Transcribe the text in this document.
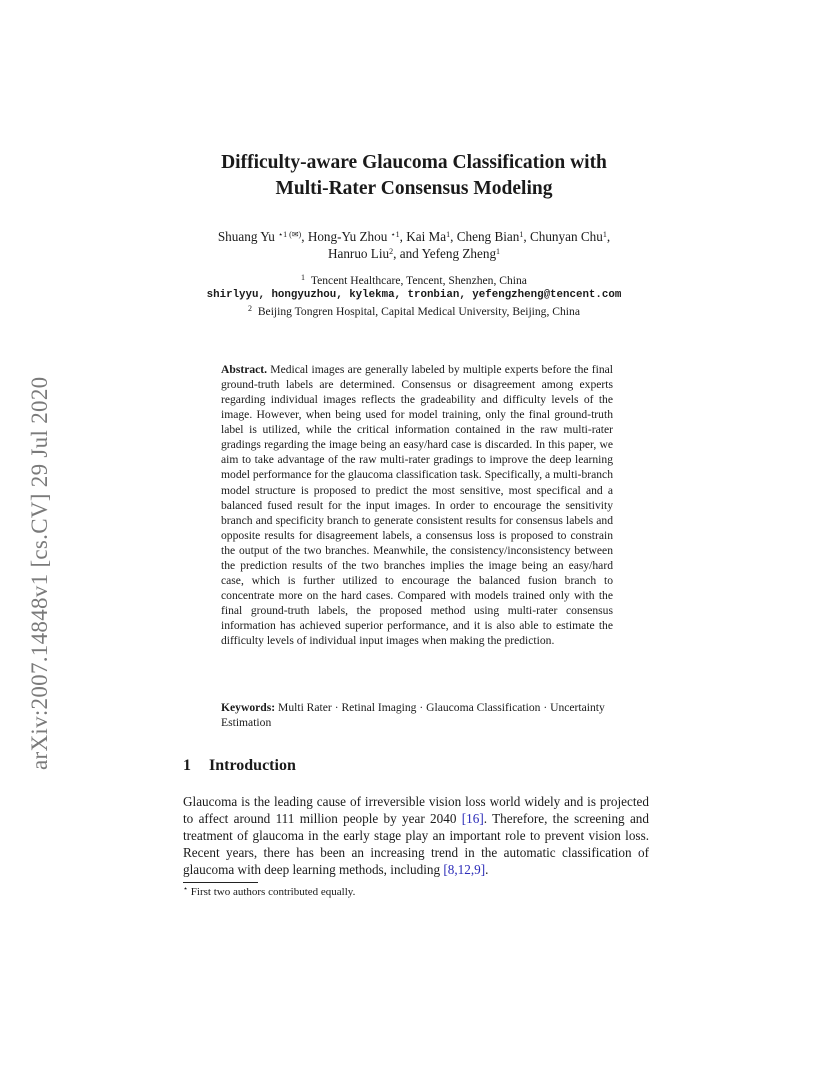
arXiv:2007.14848v1 [cs.CV] 29 Jul 2020
Difficulty-aware Glaucoma Classification with
Multi-Rater Consensus Modeling
Shuang Yu $^{⋆1 (✉)}$, Hong-Yu Zhou $^{⋆1}$, Kai Ma$^1$, Cheng Bian$^1$, Chunyan Chu$^1$,
Hanruo Liu$^2$, and Yefeng Zheng$^1$
$^1$ Tencent Healthcare, Tencent, Shenzhen, China
shirlyyu, hongyuzhou, kylekma, tronbian, yefengzheng@tencent.com
$^2$ Beijing Tongren Hospital, Capital Medical University, Beijing, China

Abstract. Medical images are generally labeled by multiple experts before the final ground-truth labels are determined. Consensus or disagreement among experts regarding individual images reflects the gradeability and difficulty levels of the image. However, when being used for model training, only the final ground-truth label is utilized, while the critical information contained in the raw multi-rater gradings regarding the image being an easy/hard case is discarded. In this paper, we aim to take advantage of the raw multi-rater gradings to improve the deep learning model performance for the glaucoma classification task. Specifically, a multi-branch model structure is proposed to predict the most sensitive, most specifical and a balanced fused result for the input images. In order to encourage the sensitivity branch and specificity branch to generate consistent results for consensus labels and opposite results for disagreement labels, a consensus loss is proposed to constrain the output of the two branches. Meanwhile, the consistency/inconsistency between the prediction results of the two branches implies the image being an easy/hard case, which is further utilized to encourage the balanced fusion branch to concentrate more on the hard cases. Compared with models trained only with the final ground-truth labels, the proposed method using multi-rater consensus information has achieved superior performance, and it is also able to estimate the difficulty levels of individual input images when making the prediction.

Keywords: Multi Rater · Retinal Imaging · Glaucoma Classification · Uncertainty Estimation

1 Introduction

Glaucoma is the leading cause of irreversible vision loss world widely and is projected to affect around 111 million people by year 2040 [16]. Therefore, the screening and treatment of glaucoma in the early stage play an important role to prevent vision loss. Recent years, there has been an increasing trend in the automatic classification of glaucoma with deep learning methods, including [8,12,9].

⋆ First two authors contributed equally.
